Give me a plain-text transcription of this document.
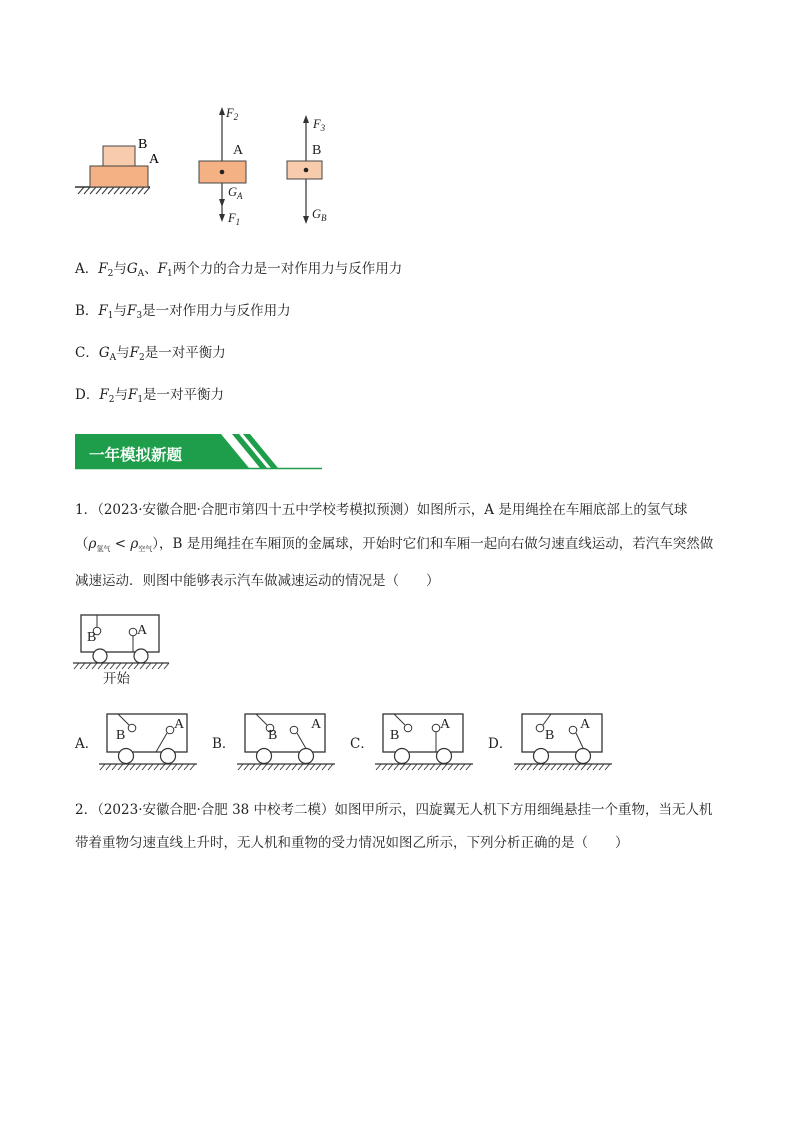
B
A
$F_2$
A
$G_A$
$F_1$
$F_3$
B
$G_B$
A．$F_2$与$G_A$、$F_1$两个力的合力是一对作用力与反作用力
B．$F_1$与$F_3$是一对作用力与反作用力
C．$G_A$与$F_2$是一对平衡力
D．$F_2$与$F_1$是一对平衡力
一年模拟新题
1．（2023·安徽合肥·合肥市第四十五中学校考模拟预测）如图所示，A 是用绳拴在车厢底部上的氢气球
$(\rho_{氢气} < \rho_{空气})$，B 是用绳挂在车厢顶的金属球，开始时它们和车厢一起向右做匀速直线运动，若汽车突然做
减速运动．则图中能够表示汽车做减速运动的情况是（　　）
B	A
开始
A．
B
A
B．
B
A
C．
B
A
D．
B
A
2．（2023·安徽合肥·合肥 38 中校考二模）如图甲所示，四旋翼无人机下方用细绳悬挂一个重物，当无人机
带着重物匀速直线上升时，无人机和重物的受力情况如图乙所示，下列分析正确的是（　　）
